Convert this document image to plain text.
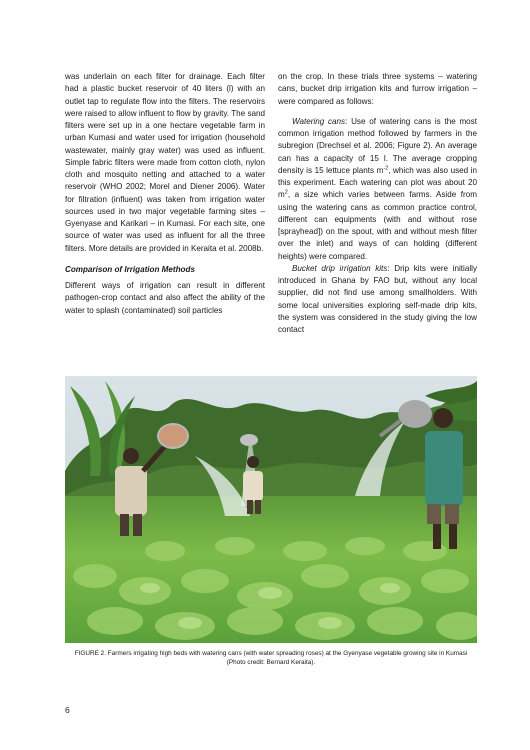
was underlain on each filter for drainage. Each filter had a plastic bucket reservoir of 40 liters (l) with an outlet tap to regulate flow into the filters. The reservoirs were raised to allow influent to flow by gravity. The sand filters were set up in a one hectare vegetable farm in urban Kumasi and water used for irrigation (household wastewater, mainly gray water) was used as influent. Simple fabric filters were made from cotton cloth, nylon cloth and mosquito netting and attached to a water reservoir (WHO 2002; Morel and Diener 2006). Water for filtration (influent) was taken from irrigation water sources used in two major vegetable farming sites – Gyenyase and Karikari – in Kumasi. For each site, one source of water was used as influent for all the three filters. More details are provided in Keraita et al. 2008b.

Comparison of Irrigation Methods

Different ways of irrigation can result in different pathogen-crop contact and also affect the ability of the water to splash (contaminated) soil particles

on the crop. In these trials three systems – watering cans, bucket drip irrigation kits and furrow irrigation – were compared as follows:

Watering cans: Use of watering cans is the most common irrigation method followed by farmers in the subregion (Drechsel et al. 2006; Figure 2). An average can has a capacity of 15 l. The average cropping density is 15 lettuce plants $m^{-2}$, which was also used in this experiment. Each watering can plot was about 20 $m^2$, a size which varies between farms. Aside from using the watering cans as common practice control, different can equipments (with and without rose [sprayhead]) on the spout, with and without mesh filter over the inlet) and ways of can holding (different heights) were compared.

Bucket drip irrigation kits: Drip kits were initially introduced in Ghana by FAO but, without any local supplier, did not find use among smallholders. With some local universities exploring self-made drip kits, the system was considered in the study giving the low contact

FIGURE 2. Farmers irrigating high beds with watering cans (with water spreading roses) at the Gyenyase vegetable growing site in Kumasi (Photo credit: Bernard Keraita).
6
